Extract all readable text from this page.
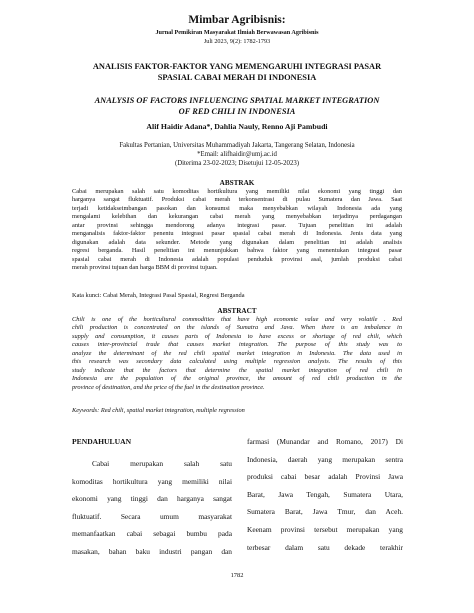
Mimbar Agribisnis:
Jurnal Pemikiran Masyarakat Ilmiah Berwawasan Agribisnis
Juli 2023, 9(2): 1782-1793
ANALISIS FAKTOR-FAKTOR YANG MEMENGARUHI INTEGRASI PASAR
SPASIAL CABAI MERAH DI INDONESIA
ANALYSIS OF FACTORS INFLUENCING SPATIAL MARKET INTEGRATION
OF RED CHILI IN INDONESIA
Alif Haidir Adana*, Dahlia Nauly, Renno Aji Pambudi
Fakultas Pertanian, Universitas Muhammadiyah Jakarta, Tangerang Selatan, Indonesia
*Email: alifhaidir@umj.ac.id
(Diterima 23-02-2023; Disetujui 12-05-2023)
ABSTRAK
Cabai merupakan salah satu komoditas hortikultura yang memiliki nilai ekonomi yang tinggi dan
harganya sangat fluktuatif. Produksi cabai merah terkonsentrasi di pulau Sumatera dan Jawa. Saat
terjadi ketidakseimbangan pasokan dan konsumsi maka menyebabkan wilayah Indonesia ada yang
mengalami kelebihan dan kekurangan cabai merah yang menyebabkan terjadinya perdagangan
antar provinsi sehingga mendorong adanya integrasi pasar. Tujuan penelitian ini adalah
menganalisis faktor-faktor penentu integrasi pasar spasial cabai merah di Indonesia. Jenis data yang
digunakan adalah data sekunder. Metode yang digunakan dalam penelitian ini adalah analisis
regresi berganda. Hasil penelitian ini menunjukkan bahwa faktor yang menentukan integrasi pasar
spasial cabai merah di Indonesia adalah populasi penduduk provinsi asal, jumlah produksi cabai
merah provinsi tujuan dan harga BBM di provinsi tujuan.
Kata kunci: Cabai Merah, Integrasi Pasal Spasial, Regresi Berganda
ABSTRACT
Chili is one of the horticultural commodities that have high economic value and very volatile . Red
chili production is concentrated on the islands of Sumatra and Java. When there is an imbalance in
supply and consumption, it causes parts of Indonesia to have excess or shortage of red chili, which
causes inter-provincial trade that causes market integration. The purpose of this study was to
analyze the determinant of the red chili spatial market integration in Indonesia. The data used in
this research was secondary data calculated using multiple regression analysis. The results of this
study indicate that the factors that determine the spatial market integration of red chili in
Indonesia are the population of the original province, the amount of red chili production in the
province of destination, and the price of the fuel in the destination province.
Keywords: Red chili, spatial market integration, multiple regression
PENDAHULUAN
Cabai merupakan salah satu
komoditas hortikultura yang memiliki nilai
ekonomi yang tinggi dan harganya sangat
fluktuatif. Secara umum masyarakat
memanfaatkan cabai sebagai bumbu pada
masakan, bahan baku industri pangan dan
farmasi (Munandar and Romano, 2017) Di
Indonesia, daerah yang merupakan sentra
produksi cabai besar adalah Provinsi Jawa
Barat, Jawa Tengah, Sumatera Utara,
Sumatera Barat, Jawa Tmur, dan Aceh.
Keenam provinsi tersebut merupakan yang
terbesar dalam satu dekade terakhir
1782
